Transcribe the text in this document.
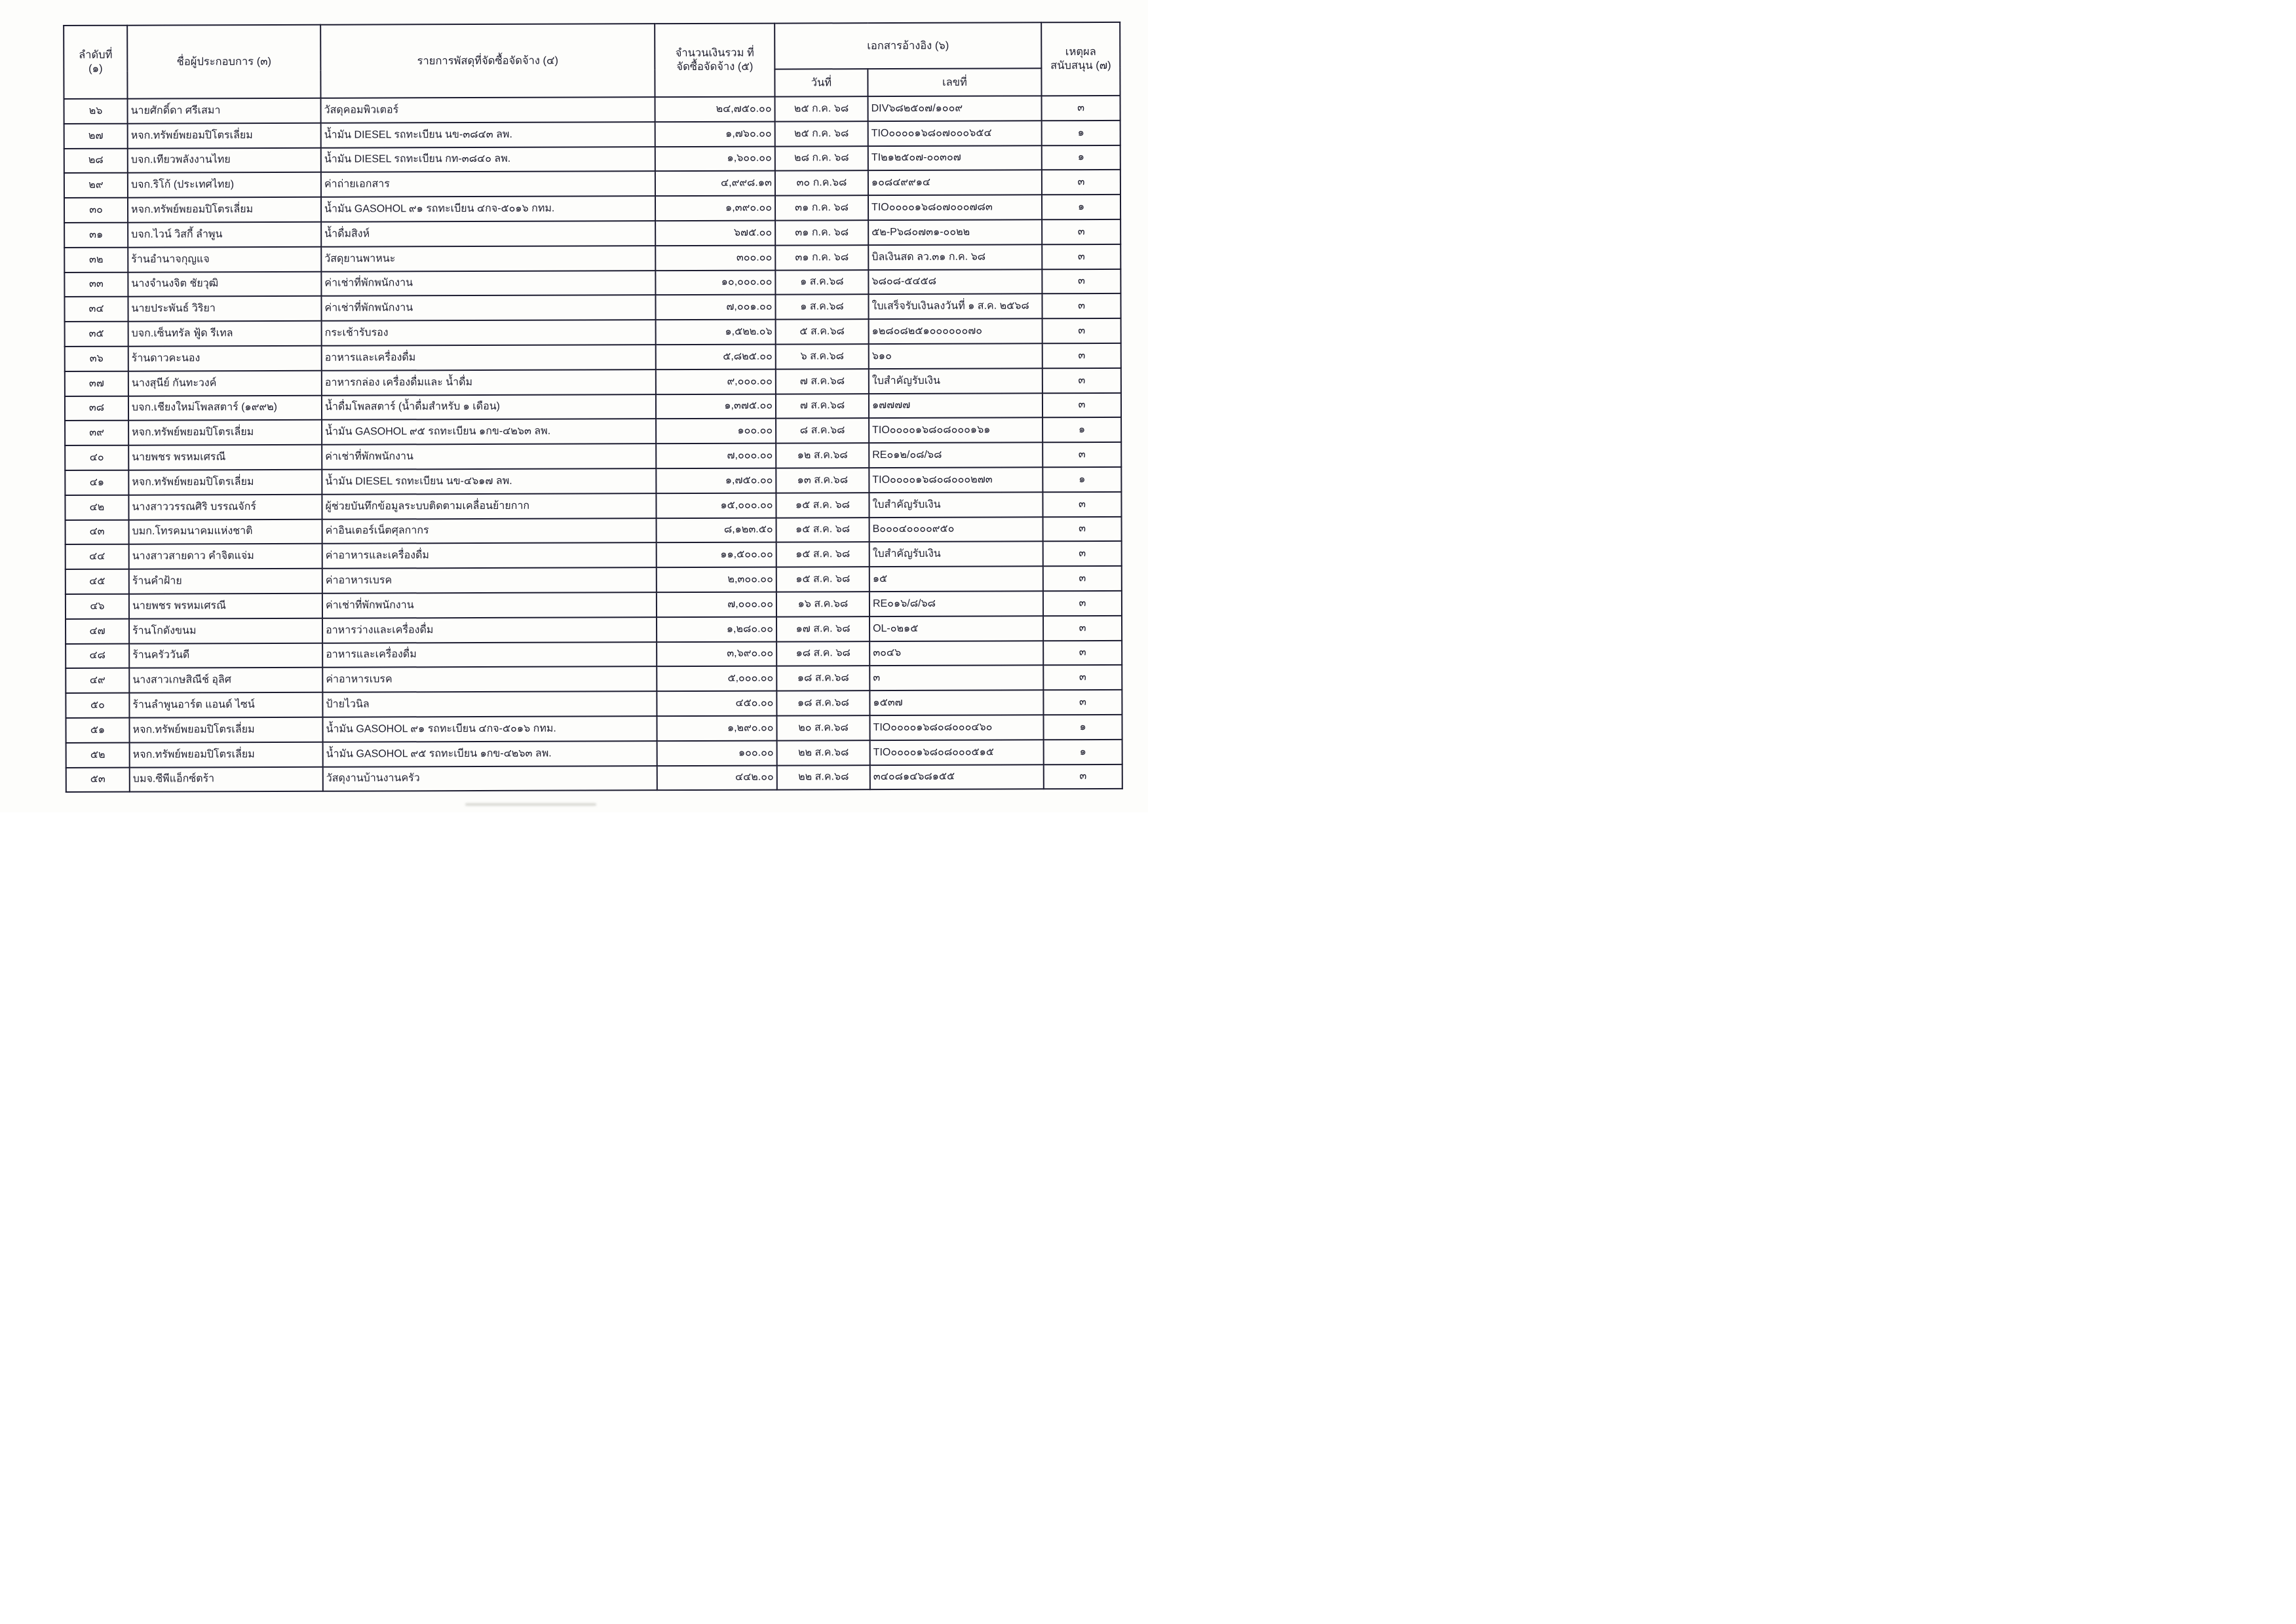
ลำดับที่
(๑)	ชื่อผู้ประกอบการ (๓)	รายการพัสดุที่จัดซื้อจัดจ้าง (๔)	จำนวนเงินรวม ที่
จัดซื้อจัดจ้าง (๕)	เอกสารอ้างอิง (๖)		เหตุผล
สนับสนุน (๗)
				วันที่	เลขที่	
๒๖	นายศักดิ์ดา ศรีเสมา	วัสดุคอมพิวเตอร์	๒๔,๗๕๐.๐๐	๒๕ ก.ค. ๖๘	DIV๖๘๒๕๐๗/๑๐๐๙	๓
๒๗	หจก.ทรัพย์พยอมปิโตรเลี่ยม	น้ำมัน DIESEL รถทะเบียน นข-๓๘๔๓ ลพ.	๑,๗๖๐.๐๐	๒๕ ก.ค. ๖๘	TIO๐๐๐๐๑๖๘๐๗๐๐๐๖๕๔	๑
๒๘	บจก.เทียวพลังงานไทย	น้ำมัน DIESEL รถทะเบียน กท-๓๘๔๐ ลพ.	๑,๖๐๐.๐๐	๒๘ ก.ค. ๖๘	TI๒๑๒๕๐๗-๐๐๓๐๗	๑
๒๙	บจก.ริโก้ (ประเทศไทย)	ค่าถ่ายเอกสาร	๔,๙๙๘.๑๓	๓๐ ก.ค.๖๘	๑๐๘๔๙๙๑๔	๓
๓๐	หจก.ทรัพย์พยอมปิโตรเลี่ยม	น้ำมัน GASOHOL ๙๑ รถทะเบียน ๔กจ-๕๐๑๖ กทม.	๑,๓๙๐.๐๐	๓๑ ก.ค. ๖๘	TIO๐๐๐๐๑๖๘๐๗๐๐๐๗๘๓	๑
๓๑	บจก.ไวน์ วิสกี้ ลำพูน	น้ำดื่มสิงห์	๖๗๕.๐๐	๓๑ ก.ค. ๖๘	๕๒-P๖๘๐๗๓๑-๐๐๒๒	๓
๓๒	ร้านอำนาจกุญแจ	วัสดุยานพาหนะ	๓๐๐.๐๐	๓๑ ก.ค. ๖๘	บิลเงินสด ลว.๓๑ ก.ค. ๖๘	๓
๓๓	นางจำนงจิต ชัยวุฒิ	ค่าเช่าที่พักพนักงาน	๑๐,๐๐๐.๐๐	๑ ส.ค.๖๘	๖๘๐๘-๕๔๕๘	๓
๓๔	นายประพันธ์ วิริยา	ค่าเช่าที่พักพนักงาน	๗,๐๐๑.๐๐	๑ ส.ค.๖๘	ใบเสร็จรับเงินลงวันที่ ๑ ส.ค. ๒๕๖๘	๓
๓๕	บจก.เซ็นทรัล ฟู้ด รีเทล	กระเช้ารับรอง	๑,๕๒๒.๐๖	๕ ส.ค.๖๘	๑๒๘๐๘๒๕๑๐๐๐๐๐๐๗๐	๓
๓๖	ร้านดาวคะนอง	อาหารและเครื่องดื่ม	๕,๘๒๕.๐๐	๖ ส.ค.๖๘	๖๑๐	๓
๓๗	นางสุนีย์ กันทะวงค์	อาหารกล่อง เครื่องดื่มและ น้ำดื่ม	๙,๐๐๐.๐๐	๗ ส.ค.๖๘	ใบสำคัญรับเงิน	๓
๓๘	บจก.เชียงใหม่โพลสตาร์ (๑๙๙๒)	น้ำดื่มโพลสตาร์ (น้ำดื่มสำหรับ ๑ เดือน)	๑,๓๗๕.๐๐	๗ ส.ค.๖๘	๑๗๗๗๗	๓
๓๙	หจก.ทรัพย์พยอมปิโตรเลี่ยม	น้ำมัน GASOHOL ๙๕ รถทะเบียน ๑กข-๔๒๖๓ ลพ.	๑๐๐.๐๐	๘ ส.ค.๖๘	TIO๐๐๐๐๑๖๘๐๘๐๐๐๑๖๑	๑
๔๐	นายพชร พรหมเศรณี	ค่าเช่าที่พักพนักงาน	๗,๐๐๐.๐๐	๑๒ ส.ค.๖๘	RE๐๑๒/๐๘/๖๘	๓
๔๑	หจก.ทรัพย์พยอมปิโตรเลี่ยม	น้ำมัน DIESEL รถทะเบียน นข-๔๖๑๗ ลพ.	๑,๗๕๐.๐๐	๑๓ ส.ค.๖๘	TIO๐๐๐๐๑๖๘๐๘๐๐๐๒๗๓	๑
๔๒	นางสาววรรณศิริ บรรณจักร์	ผู้ช่วยบันทึกข้อมูลระบบติดตามเคลื่อนย้ายกาก	๑๕,๐๐๐.๐๐	๑๕ ส.ค. ๖๘	ใบสำคัญรับเงิน	๓
๔๓	บมก.โทรคมนาคมแห่งชาติ	ค่าอินเตอร์เน็ตศุลกากร	๘,๑๒๓.๕๐	๑๕ ส.ค. ๖๘	B๐๐๐๔๐๐๐๐๙๕๐	๓
๔๔	นางสาวสายดาว คำจิตแจ่ม	ค่าอาหารและเครื่องดื่ม	๑๑,๕๐๐.๐๐	๑๕ ส.ค. ๖๘	ใบสำคัญรับเงิน	๓
๔๕	ร้านคำฝ้าย	ค่าอาหารเบรค	๒,๓๐๐.๐๐	๑๕ ส.ค. ๖๘	๑๕	๓
๔๖	นายพชร พรหมเศรณี	ค่าเช่าที่พักพนักงาน	๗,๐๐๐.๐๐	๑๖ ส.ค.๖๘	RE๐๑๖/๘/๖๘	๓
๔๗	ร้านโกดังขนม	อาหารว่างและเครื่องดื่ม	๑,๒๘๐.๐๐	๑๗ ส.ค. ๖๘	OL-๐๒๑๕	๓
๔๘	ร้านครัววันดี	อาหารและเครื่องดื่ม	๓,๖๙๐.๐๐	๑๘ ส.ค. ๖๘	๓๐๔๖	๓
๔๙	นางสาวเกษสิณีช์ อุลิศ	ค่าอาหารเบรค	๕,๐๐๐.๐๐	๑๘ ส.ค.๖๘	๓	๓
๕๐	ร้านลำพูนอาร์ต แอนด์ ไซน์	ป้ายไวนิล	๔๕๐.๐๐	๑๘ ส.ค.๖๘	๑๕๓๗	๓
๕๑	หจก.ทรัพย์พยอมปิโตรเลี่ยม	น้ำมัน GASOHOL ๙๑ รถทะเบียน ๔กจ-๕๐๑๖ กทม.	๑,๒๙๐.๐๐	๒๐ ส.ค.๖๘	TIO๐๐๐๐๑๖๘๐๘๐๐๐๔๖๐	๑
๕๒	หจก.ทรัพย์พยอมปิโตรเลี่ยม	น้ำมัน GASOHOL ๙๕ รถทะเบียน ๑กข-๔๒๖๓ ลพ.	๑๐๐.๐๐	๒๒ ส.ค.๖๘	TIO๐๐๐๐๑๖๘๐๘๐๐๐๕๑๕	๑
๕๓	บมจ.ซีพีแอ็กซ์ตร้า	วัสดุงานบ้านงานครัว	๔๔๒.๐๐	๒๒ ส.ค.๖๘	๓๔๐๘๑๔๖๘๑๕๕	๓
